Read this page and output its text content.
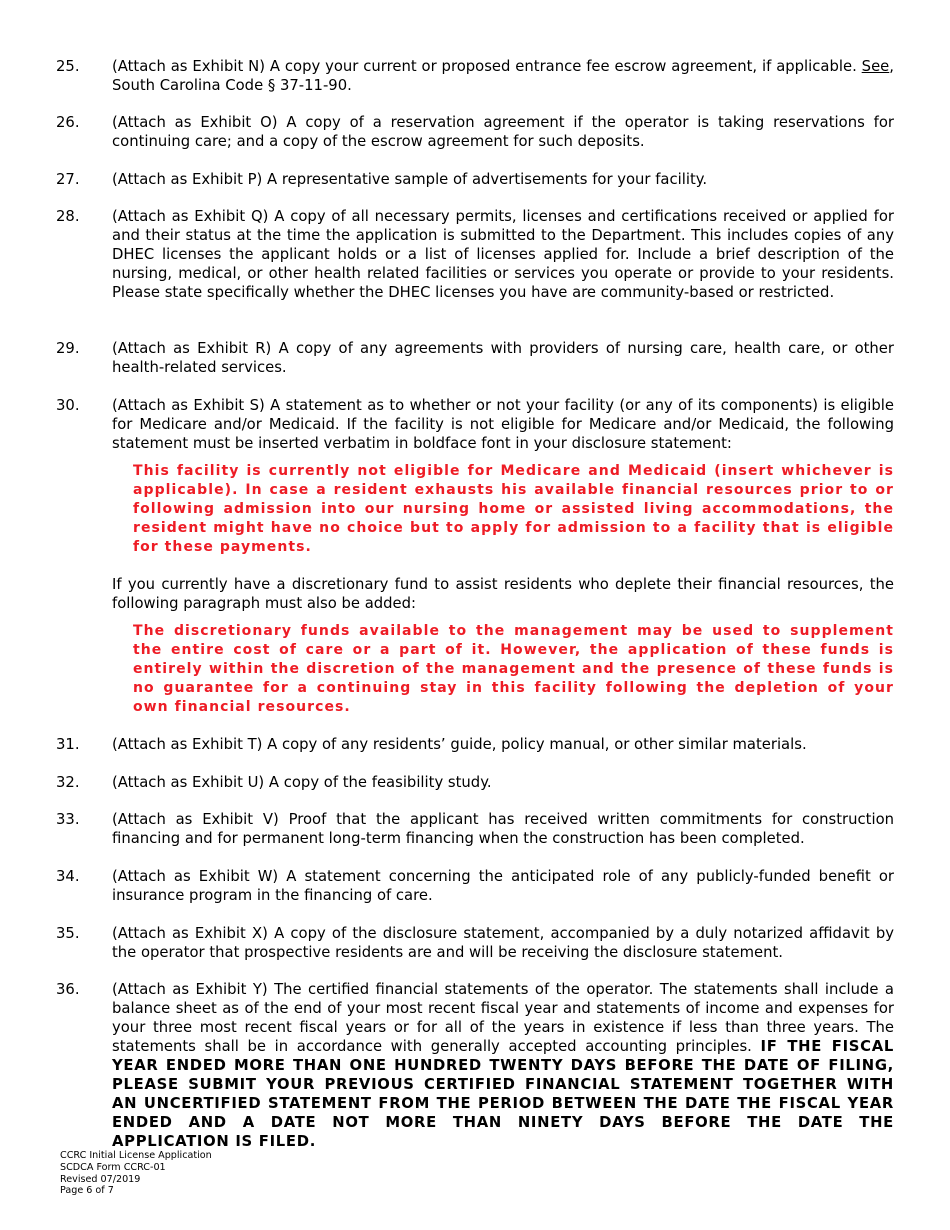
25. (Attach as Exhibit N) A copy your current or proposed entrance fee escrow agreement, if applicable. See, South Carolina Code § 37-11-90.
26. (Attach as Exhibit O) A copy of a reservation agreement if the operator is taking reservations for continuing care; and a copy of the escrow agreement for such deposits.
27. (Attach as Exhibit P) A representative sample of advertisements for your facility.
28. (Attach as Exhibit Q) A copy of all necessary permits, licenses and certifications received or applied for and their status at the time the application is submitted to the Department. This includes copies of any DHEC licenses the applicant holds or a list of licenses applied for. Include a brief description of the nursing, medical, or other health related facilities or services you operate or provide to your residents. Please state specifically whether the DHEC licenses you have are community-based or restricted.
29. (Attach as Exhibit R) A copy of any agreements with providers of nursing care, health care, or other health-related services.
30. (Attach as Exhibit S) A statement as to whether or not your facility (or any of its components) is eligible for Medicare and/or Medicaid. If the facility is not eligible for Medicare and/or Medicaid, the following statement must be inserted verbatim in boldface font in your disclosure statement:
This facility is currently not eligible for Medicare and Medicaid (insert whichever is applicable). In case a resident exhausts his available financial resources prior to or following admission into our nursing home or assisted living accommodations, the resident might have no choice but to apply for admission to a facility that is eligible for these payments.
If you currently have a discretionary fund to assist residents who deplete their financial resources, the following paragraph must also be added:
The discretionary funds available to the management may be used to supplement the entire cost of care or a part of it. However, the application of these funds is entirely within the discretion of the management and the presence of these funds is no guarantee for a continuing stay in this facility following the depletion of your own financial resources.
31. (Attach as Exhibit T) A copy of any residents’ guide, policy manual, or other similar materials.
32. (Attach as Exhibit U) A copy of the feasibility study.
33. (Attach as Exhibit V) Proof that the applicant has received written commitments for construction financing and for permanent long-term financing when the construction has been completed.
34. (Attach as Exhibit W) A statement concerning the anticipated role of any publicly-funded benefit or insurance program in the financing of care.
35. (Attach as Exhibit X) A copy of the disclosure statement, accompanied by a duly notarized affidavit by the operator that prospective residents are and will be receiving the disclosure statement.
36. (Attach as Exhibit Y) The certified financial statements of the operator. The statements shall include a balance sheet as of the end of your most recent fiscal year and statements of income and expenses for your three most recent fiscal years or for all of the years in existence if less than three years. The statements shall be in accordance with generally accepted accounting principles. IF THE FISCAL YEAR ENDED MORE THAN ONE HUNDRED TWENTY DAYS BEFORE THE DATE OF FILING, PLEASE SUBMIT YOUR PREVIOUS CERTIFIED FINANCIAL STATEMENT TOGETHER WITH AN UNCERTIFIED STATEMENT FROM THE PERIOD BETWEEN THE DATE THE FISCAL YEAR ENDED AND A DATE NOT MORE THAN NINETY DAYS BEFORE THE DATE THE APPLICATION IS FILED.
CCRC Initial License Application
SCDCA Form CCRC-01
Revised 07/2019
Page 6 of 7
